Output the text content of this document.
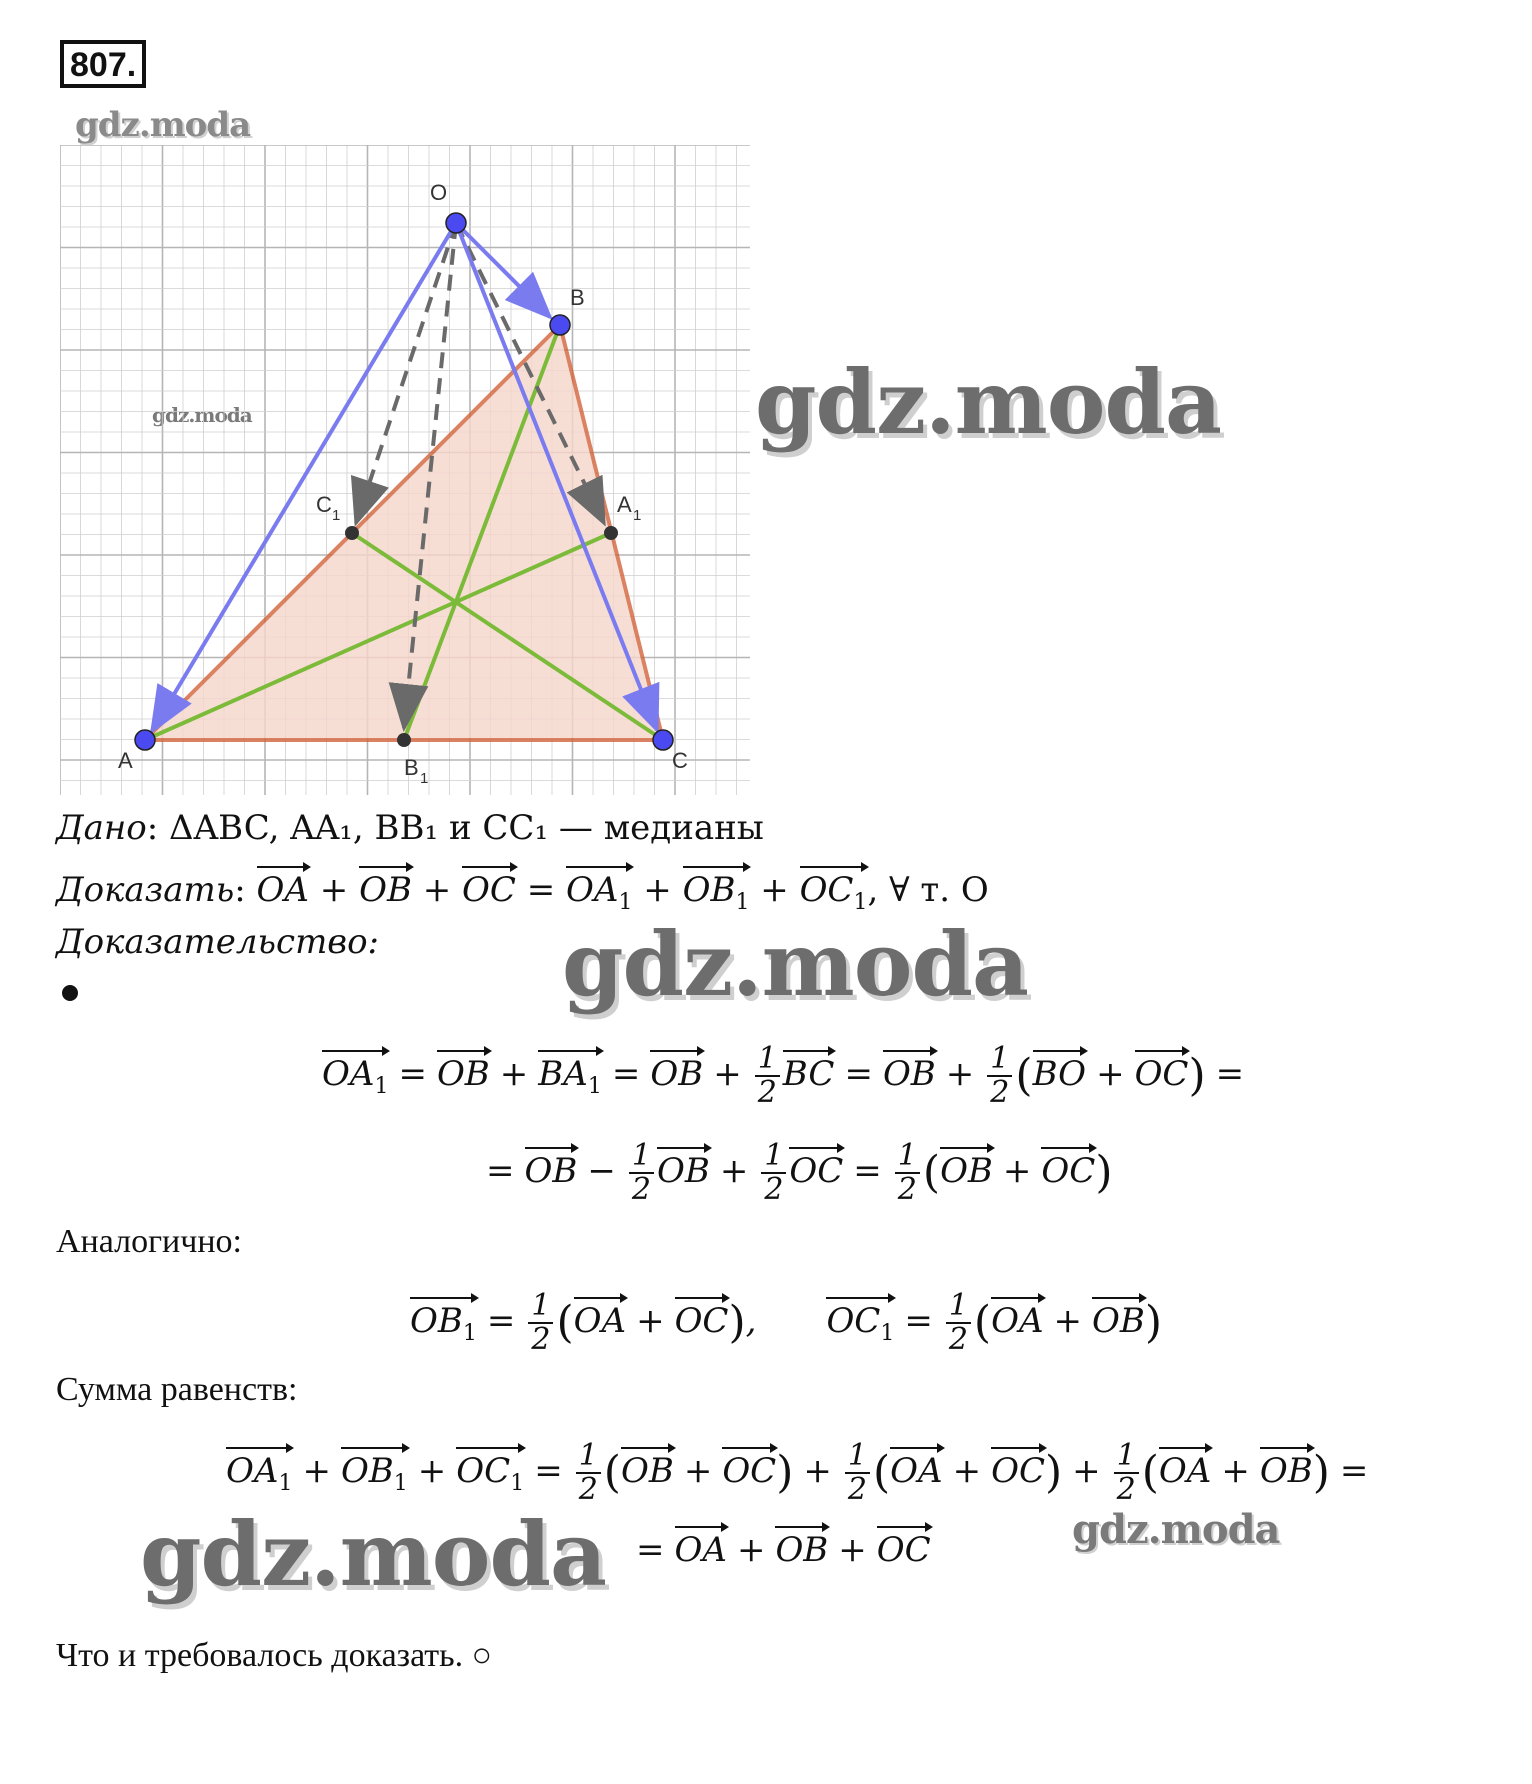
807.
gdz.moda
gdz.moda	gdz.moda
gdz.moda
gdz.moda	gdz.moda
O
B
A	C
C 1	A 1
B 1
Дано: ΔABC, AA₁, BB₁ и CC₁ — медианы
Доказать: OA + OB + OC = $OA_1 + OB_1 + OC_1$, ∀ т. O
Доказательство:
$OA_1$ = OB + $BA_1$ = OB + $\frac{1}{2}$ BC = OB + $\frac{1}{2} (BO + OC)$ =
= OB − $\frac{1}{2}$ OB + $\frac{1}{2}$ OC = $\frac{1}{2} (OB + OC)$
Аналогично:
$OB_1 = \frac{1}{2} (OA + OC)$, $OC_1 = \frac{1}{2} (OA + OB)$
Сумма равенств:
$OA_1 + OB_1 + OC_1 = \frac{1}{2} (OB + OC) + \frac{1}{2} (OA + OC) + \frac{1}{2} (OA + OB)$ =
= OA + OB + OC
Что и требовалось доказать. ○
